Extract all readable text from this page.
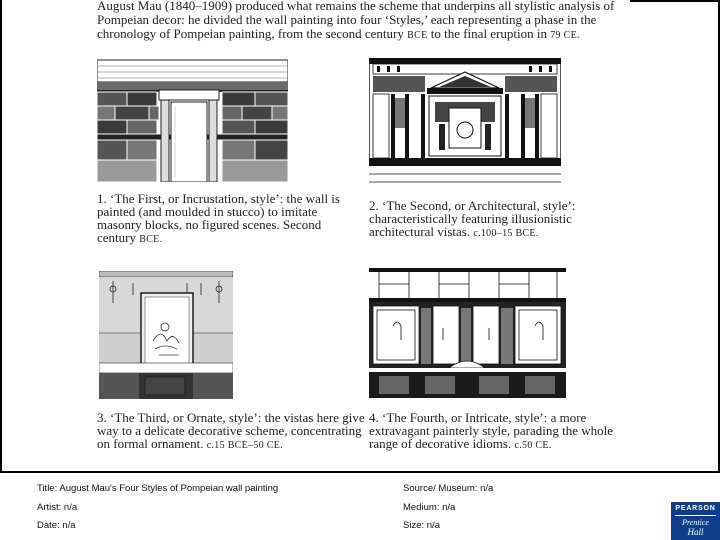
August Mau (1840–1909) produced what remains the scheme that underpins all stylistic analysis of
Pompeian decor: he divided the wall painting into four ‘Styles,’ each representing a phase in the
chronology of Pompeian painting, from the second century BCE to the final eruption in 79 CE.
1. ‘The First, or Incrustation, style’: the wall is
painted (and moulded in stucco) to imitate
masonry blocks, no figured scenes. Second
century BCE.
2. ‘The Second, or Architectural, style’:
characteristically featuring illusionistic
architectural vistas. c.100–15 BCE.
3. ‘The Third, or Ornate, style’: the vistas here give
way to a delicate decorative scheme, concentrating
on formal ornament. c.15 BCE–50 CE.
4. ‘The Fourth, or Intricate, style’: a more
extravagant painterly style, parading the whole
range of decorative idioms. c.50 CE.
Title: August Mau's Four Styles of Pompeian wall painting	Source/ Museum: n/a
Artist: n/a	Medium: n/a
Date: n/a	Size: n/a
PEARSON
Prentice
Hall
